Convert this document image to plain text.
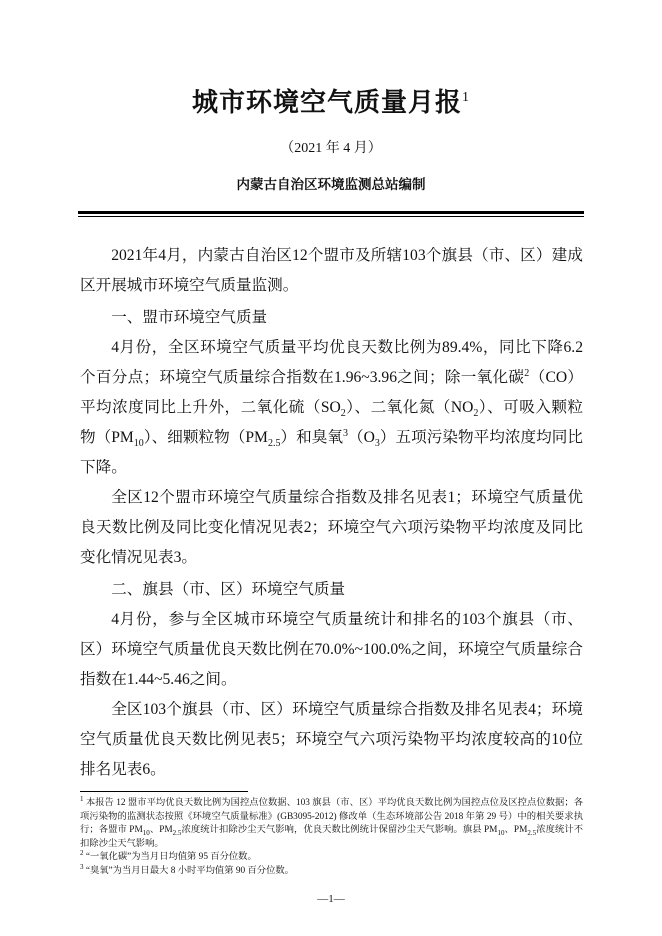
城市环境空气质量月报$^1$
（2021 年 4 月）
内蒙古自治区环境监测总站编制

2021年4月，内蒙古自治区12个盟市及所辖103个旗县（市、区）建成区开展城市环境空气质量监测。

一、盟市环境空气质量

4月份，全区环境空气质量平均优良天数比例为89.4%，同比下降6.2个百分点；环境空气质量综合指数在1.96~3.96之间；除一氧化碳$^2$（CO）平均浓度同比上升外，二氧化硫$(SO_2)$、二氧化氮$(NO_2)$、可吸入颗粒物$(PM_{10})$、细颗粒物$(PM_{2.5})$和臭氧$^3(O_3)$五项污染物平均浓度均同比下降。

全区12个盟市环境空气质量综合指数及排名见表1；环境空气质量优良天数比例及同比变化情况见表2；环境空气六项污染物平均浓度及同比变化情况见表3。

二、旗县（市、区）环境空气质量

4月份，参与全区城市环境空气质量统计和排名的103个旗县（市、区）环境空气质量优良天数比例在70.0%~100.0%之间，环境空气质量综合指数在1.44~5.46之间。

全区103个旗县（市、区）环境空气质量综合指数及排名见表4；环境空气质量优良天数比例见表5；环境空气六项污染物平均浓度较高的10位排名见表6。

$^1$ 本报告 12 盟市平均优良天数比例为国控点位数据、103 旗县（市、区）平均优良天数比例为国控点位及区控点位数据；各项污染物的监测状态按照《环境空气质量标准》(GB3095-2012) 修改单（生态环境部公告 2018 年第 29 号）中的相关要求执行；各盟市 $PM_{10}$、$PM_{2.5}$浓度统计扣除沙尘天气影响，优良天数比例统计保留沙尘天气影响。旗县 $PM_{10}$、$PM_{2.5}$浓度统计不扣除沙尘天气影响。

$^2$ “一氧化碳”为当月日均值第 95 百分位数。

$^3$ “臭氧”为当月日最大 8 小时平均值第 90 百分位数。

—1—
